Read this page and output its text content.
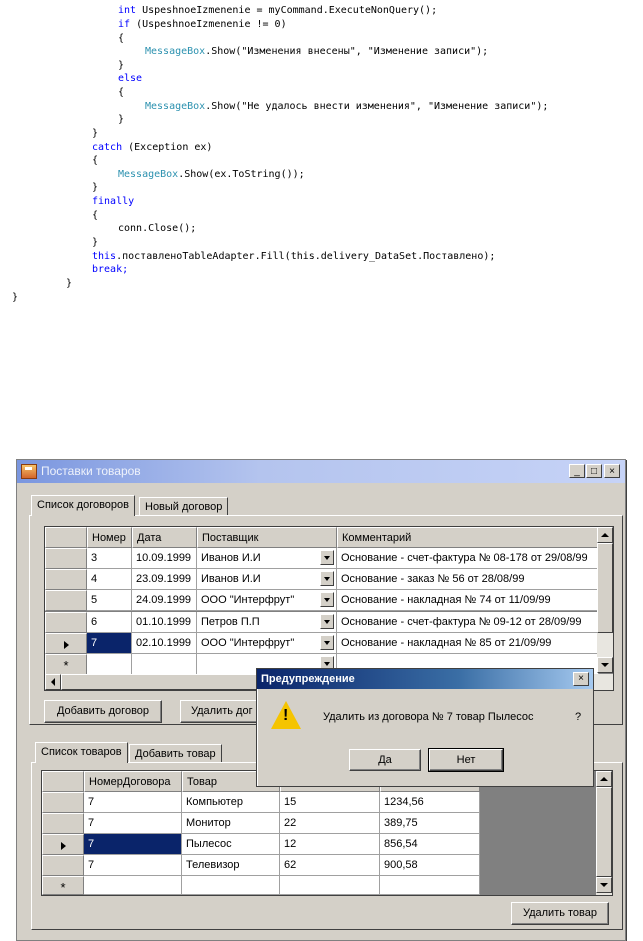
int UspeshnoeIzmenenie = myCommand.ExecuteNonQuery();

if (UspeshnoeIzmenenie != 0)

{

MessageBox.Show("Изменения внесены", "Изменение записи");

}

else

{

MessageBox.Show("Не удалось внести изменения", "Изменение записи");

}

}

catch (Exception ex)

{

MessageBox.Show(ex.ToString());

}

finally

{

conn.Close();

}

this.поставленоTableAdapter.Fill(this.delivery_DataSet.Поставлено);

break;

}

}

Поставки товаров	_	□	×
Список договоров	Новый договор
Номер	Дата	Поставщик	Комментарий
3	10.09.1999 Иванов И.И	Основание - счет-фактура № 08-178 от 29/08/99
4	23.09.1999 Иванов И.И	Основание - заказ № 56 от 28/08/99
5	24.09.1999 ООО "Интерфрут"	Основание - накладная № 74 от 11/09/99
6	01.10.1999 Петров П.П	Основание - счет-фактура № 09-12 от 28/09/99
7	02.10.1999 ООО "Интерфрут"	Основание - накладная № 85 от 21/09/99
*
Добавить договор	Удалить дог
Список товаров	Добавить товар
НомерДоговора	Товар
7	Компьютер	15	1234,56
7	Монитор	22	389,75
7	Пылесос	12	856,54
7	Телевизор	62	900,58
*
Удалить товар
Предупреждение	×
!	Удалить из договора № 7 товар Пылесос	?
Да	Нет
